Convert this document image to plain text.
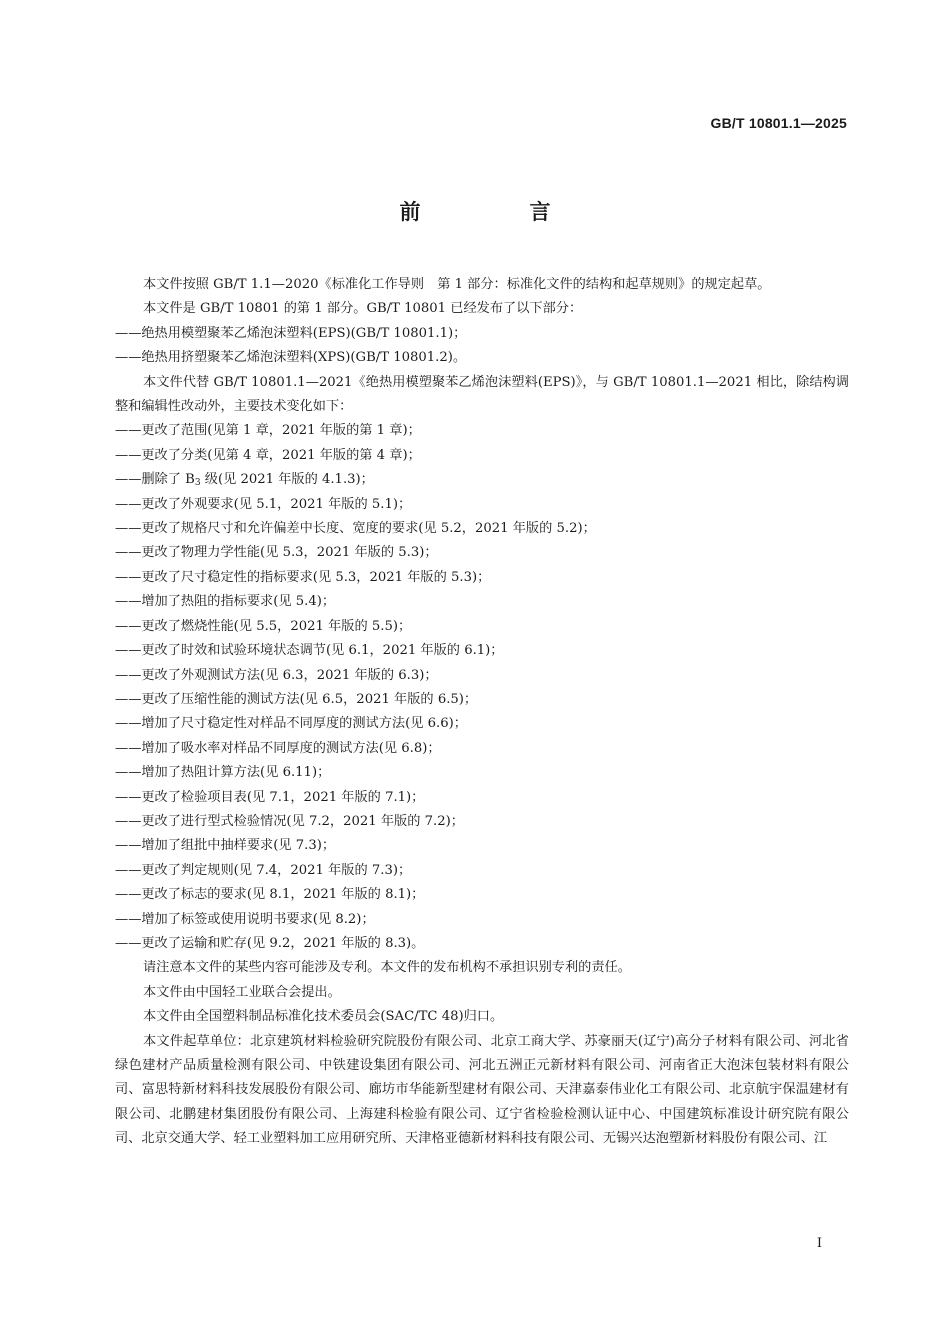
GB/T 10801.1—2025
前　言

本文件按照 GB/T 1.1—2020《标准化工作导则　第 1 部分：标准化文件的结构和起草规则》的规定起草。

本文件是 GB/T 10801 的第 1 部分。GB/T 10801 已经发布了以下部分：

——绝热用模塑聚苯乙烯泡沫塑料(EPS)(GB/T 10801.1)；

——绝热用挤塑聚苯乙烯泡沫塑料(XPS)(GB/T 10801.2)。

本文件代替 GB/T 10801.1—2021《绝热用模塑聚苯乙烯泡沫塑料(EPS)》，与 GB/T 10801.1—2021 相比，除结构调整和编辑性改动外，主要技术变化如下：

——更改了范围(见第 1 章，2021 年版的第 1 章)；

——更改了分类(见第 4 章，2021 年版的第 4 章)；

——删除了 $B_3$ 级(见 2021 年版的 4.1.3)；

——更改了外观要求(见 5.1，2021 年版的 5.1)；

——更改了规格尺寸和允许偏差中长度、宽度的要求(见 5.2，2021 年版的 5.2)；

——更改了物理力学性能(见 5.3，2021 年版的 5.3)；

——更改了尺寸稳定性的指标要求(见 5.3，2021 年版的 5.3)；

——增加了热阻的指标要求(见 5.4)；

——更改了燃烧性能(见 5.5，2021 年版的 5.5)；

——更改了时效和试验环境状态调节(见 6.1，2021 年版的 6.1)；

——更改了外观测试方法(见 6.3，2021 年版的 6.3)；

——更改了压缩性能的测试方法(见 6.5，2021 年版的 6.5)；

——增加了尺寸稳定性对样品不同厚度的测试方法(见 6.6)；

——增加了吸水率对样品不同厚度的测试方法(见 6.8)；

——增加了热阻计算方法(见 6.11)；

——更改了检验项目表(见 7.1，2021 年版的 7.1)；

——更改了进行型式检验情况(见 7.2，2021 年版的 7.2)；

——增加了组批中抽样要求(见 7.3)；

——更改了判定规则(见 7.4，2021 年版的 7.3)；

——更改了标志的要求(见 8.1，2021 年版的 8.1)；

——增加了标签或使用说明书要求(见 8.2)；

——更改了运输和贮存(见 9.2，2021 年版的 8.3)。

请注意本文件的某些内容可能涉及专利。本文件的发布机构不承担识别专利的责任。

本文件由中国轻工业联合会提出。

本文件由全国塑料制品标准化技术委员会(SAC/TC 48)归口。

本文件起草单位：北京建筑材料检验研究院股份有限公司、北京工商大学、苏豪丽天(辽宁)高分子材料有限公司、河北省绿色建材产品质量检测有限公司、中铁建设集团有限公司、河北五洲正元新材料有限公司、河南省正大泡沫包装材料有限公司、富思特新材料科技发展股份有限公司、廊坊市华能新型建材有限公司、天津嘉泰伟业化工有限公司、北京航宇保温建材有限公司、北鹏建材集团股份有限公司、上海建科检验有限公司、辽宁省检验检测认证中心、中国建筑标准设计研究院有限公司、北京交通大学、轻工业塑料加工应用研究所、天津格亚德新材料科技有限公司、无锡兴达泡塑新材料股份有限公司、江

I
